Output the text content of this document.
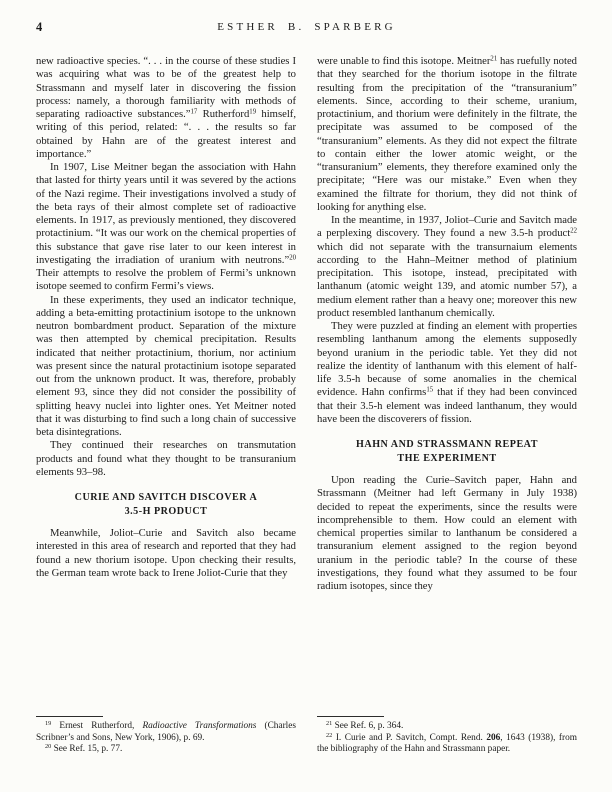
4	ESTHER B. SPARBERG

new radioactive species. “. . . in the course of these studies I was acquiring what was to be of the greatest help to Strassmann and myself later in discovering the fission process: namely, a thorough familiarity with methods of separating radioactive substances.”$^{17}$ Rutherford$^{19}$ himself, writing of this period, related: “. . . the results so far obtained by Hahn are of the greatest interest and importance.”

In 1907, Lise Meitner began the association with Hahn that lasted for thirty years until it was severed by the actions of the Nazi regime. Their investigations involved a study of the beta rays of their almost complete set of radioactive elements. In 1917, as previously mentioned, they discovered protactinium. “It was our work on the chemical properties of this substance that gave rise later to our keen interest in investigating the irradiation of uranium with neutrons.”$^{20}$ Their attempts to resolve the problem of Fermi’s unknown isotope seemed to confirm Fermi’s views.

In these experiments, they used an indicator technique, adding a beta-emitting protactinium isotope to the unknown neutron bombardment product. Separation of the mixture was then attempted by chemical precipitation. Results indicated that neither protactinium, thorium, nor actinium was present since the natural protactinium isotope separated out from the unknown product. It was, therefore, probably element 93, since they did not consider the possibility of splitting heavy nuclei into lighter ones. Yet Meitner noted that it was disturbing to find such a long chain of successive beta disintegrations.

They continued their researches on transmutation products and found what they thought to be transuranium elements 93–98.

CURIE AND SAVITCH DISCOVER A
3.5-H PRODUCT

Meanwhile, Joliot–Curie and Savitch also became interested in this area of research and reported that they had found a new thorium isotope. Upon checking their results, the German team wrote back to Irene Joliot-Curie that they

$^{19}$ Ernest Rutherford, Radioactive Transformations (Charles Scribner’s and Sons, New York, 1906), p. 69.

$^{20}$ See Ref. 15, p. 77.

were unable to find this isotope. Meitner$^{21}$ has ruefully noted that they searched for the thorium isotope in the filtrate resulting from the precipitation of the “transuranium” elements. Since, according to their scheme, uranium, protactinium, and thorium were definitely in the filtrate, the precipitate was assumed to be composed of the “transuranium” elements. As they did not expect the filtrate to contain either the lower atomic weight, or the “transuranium” elements, they therefore examined only the precipitate; “Here was our mistake.” Even when they examined the filtrate for thorium, they did not think of looking for anything else.

In the meantime, in 1937, Joliot–Curie and Savitch made a perplexing discovery. They found a new 3.5-h product$^{22}$ which did not separate with the transurnaium elements according to the Hahn–Meitner method of platinium precipitation. This isotope, instead, precipitated with lanthanum (atomic weight 139, and atomic number 57), a medium element rather than a heavy one; moreover this new product resembled lanthanum chemically.

They were puzzled at finding an element with properties resembling lanthanum among the elements supposedly beyond uranium in the periodic table. Yet they did not realize the identity of lanthanum with this element of half-life 3.5-h because of some anomalies in the chemical evidence. Hahn confirms$^{15}$ that if they had been convinced that their 3.5-h element was indeed lanthanum, they would have been the discoverers of fission.

HAHN AND STRASSMANN REPEAT
THE EXPERIMENT

Upon reading the Curie–Savitch paper, Hahn and Strassmann (Meitner had left Germany in July 1938) decided to repeat the experiments, since the results were incomprehensible to them. How could an element with chemical properties similar to lanthanum be considered a transuranium element assigned to the region beyond uranium in the periodic table? In the course of these investigations, they found what they assumed to be four radium isotopes, since they

$^{21}$ See Ref. 6, p. 364.

$^{22}$ I. Curie and P. Savitch, Compt. Rend. 206, 1643 (1938), from the bibliography of the Hahn and Strassmann paper.
